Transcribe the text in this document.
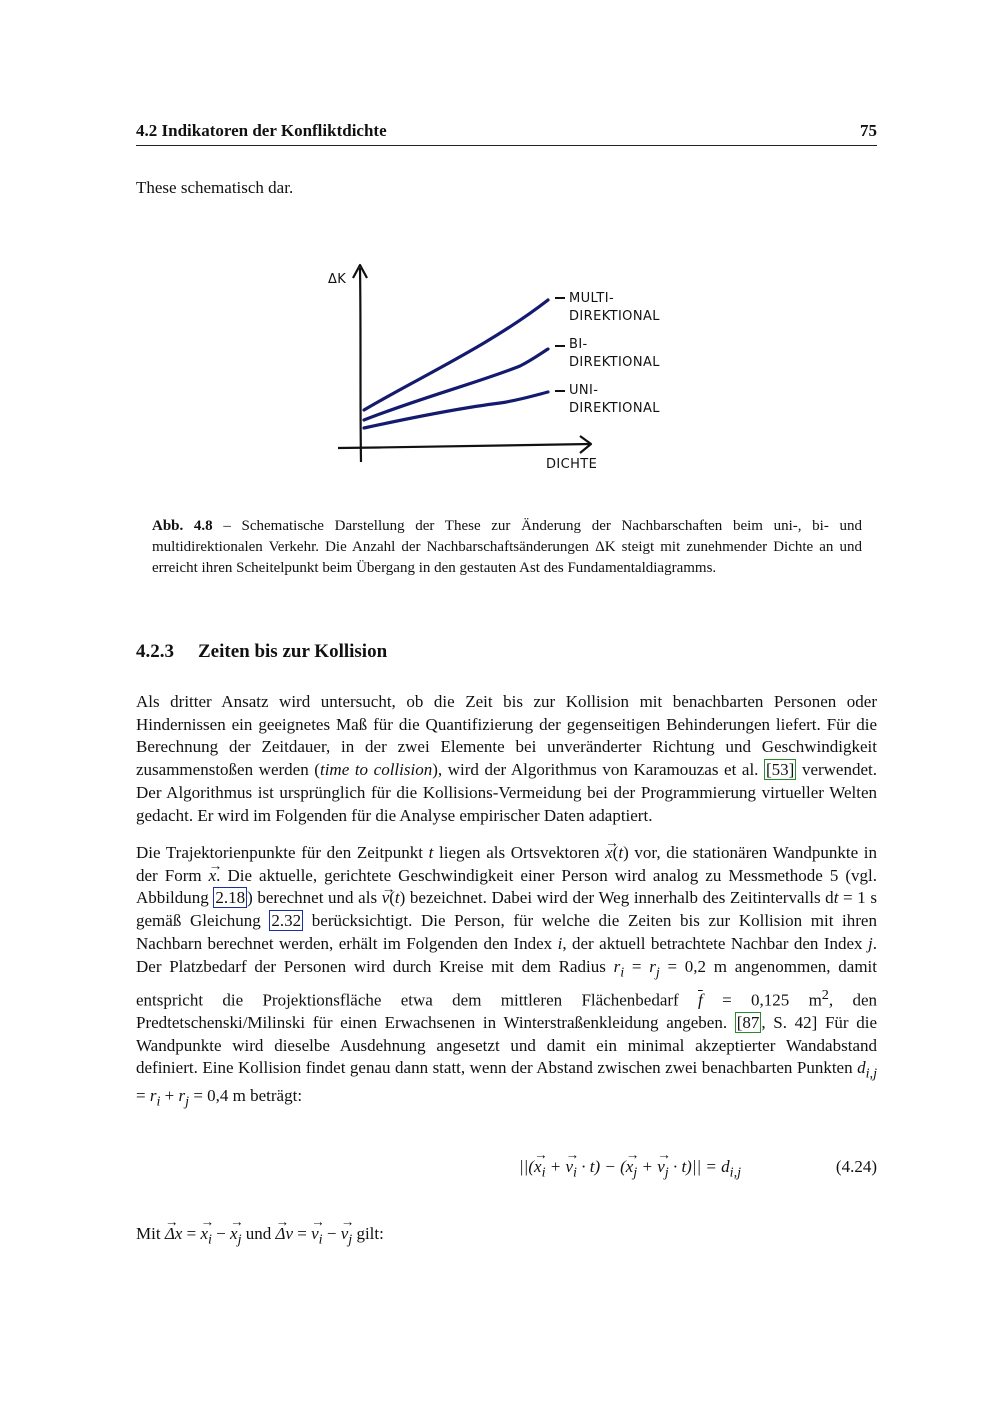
4.2 Indikatoren der Konfliktdichte	75
These schematisch dar.
ΔK
DICHTE
MULTI-
DIREKTIONAL
BI-
DIREKTIONAL
UNI-
DIREKTIONAL
Abb. 4.8 – Schematische Darstellung der These zur Änderung der Nachbarschaften beim uni-, bi- und multidirektionalen Verkehr. Die Anzahl der Nachbarschaftsänderungen ΔK steigt mit zunehmender Dichte an und erreicht ihren Scheitelpunkt beim Übergang in den gestauten Ast des Fundamentaldiagramms.
4.2.3 Zeiten bis zur Kollision

Als dritter Ansatz wird untersucht, ob die Zeit bis zur Kollision mit benachbarten Personen oder Hindernissen ein geeignetes Maß für die Quantifizierung der gegenseitigen Behinderungen liefert. Für die Berechnung der Zeitdauer, in der zwei Elemente bei unveränderter Richtung und Geschwindigkeit zusammenstoßen werden (time to collision), wird der Algorithmus von Karamouzas et al. [53] verwendet. Der Algorithmus ist ursprünglich für die Kollisions-Vermeidung bei der Programmierung virtueller Welten gedacht. Er wird im Folgenden für die Analyse empirischer Daten adaptiert.

Die Trajektorienpunkte für den Zeitpunkt t liegen als Ortsvektoren → x(t) vor, die stationären Wandpunkte in der Form → x. Die aktuelle, gerichtete Geschwindigkeit einer Person wird analog zu Messmethode 5 (vgl. Abbildung 2.18 ) berechnet und als → v(t) bezeichnet. Dabei wird der Weg innerhalb des Zeitintervalls dt = 1 s gemäß Gleichung 2.32 berücksichtigt. Die Person, für welche die Zeiten bis zur Kollision mit ihren Nachbarn berechnet werden, erhält im Folgenden den Index i, der aktuell betrachtete Nachbar den Index j. Der Platzbedarf der Personen wird durch Kreise mit dem Radius $r_i = r_j = 0,2$ m angenommen, damit entspricht die Projektionsfläche etwa dem mittleren Flächenbedarf $\overline{f} = 0,125$ $m^2$, den Predtetschenski/Milinski für einen Erwachsenen in Winterstraßenkleidung angeben. [87 , S. 42] Für die Wandpunkte wird dieselbe Ausdehnung angesetzt und damit ein minimal akzeptierter Wandabstand definiert. Eine Kollision findet genau dann statt, wenn der Abstand zwischen zwei benachbarten Punkten $d_{i,j} = r_i + r_j = 0,4$ m beträgt:

||(→ $x_i$ + → $v_i \cdot t$) − (→ $x_j$ + → $v_j \cdot t)|| = d_{i,j}$	(4.24)
Mit → Δx = → $x_i$ − → $x_j$ und → Δv = → $v_i$ − → $v_j$ gilt:
